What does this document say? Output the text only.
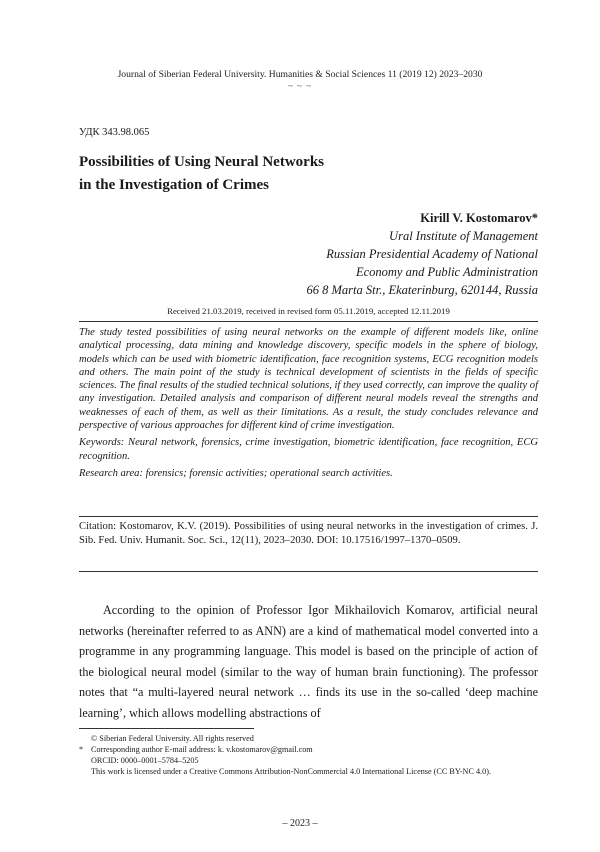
Journal of Siberian Federal University. Humanities & Social Sciences 11 (2019 12) 2023–2030
~ ~ ~
УДК 343.98.065
Possibilities of Using Neural Networks
in the Investigation of Crimes
Kirill V. Kostomarov*
Ural Institute of Management
Russian Presidential Academy of National
Economy and Public Administration
66 8 Marta Str., Ekaterinburg, 620144, Russia
Received 21.03.2019, received in revised form 05.11.2019, accepted 12.11.2019

The study tested possibilities of using neural networks on the example of different models like, online analytical processing, data mining and knowledge discovery, specific models in the sphere of biology, models which can be used with biometric identification, face recognition systems, ECG recognition models and others. The main point of the study is technical development of scientists in the fields of specific sciences. The final results of the studied technical solutions, if they used correctly, can improve the quality of any investigation. Detailed analysis and comparison of different neural models reveal the strengths and weaknesses of each of them, as well as their limitations. As a result, the study concludes relevance and perspective of various approaches for different kind of crime investigation.

Keywords: Neural network, forensics, crime investigation, biometric identification, face recognition, ECG recognition.

Research area: forensics; forensic activities; operational search activities.

Citation: Kostomarov, K.V. (2019). Possibilities of using neural networks in the investigation of crimes. J. Sib. Fed. Univ. Humanit. Soc. Sci., 12(11), 2023–2030. DOI: 10.17516/1997–1370–0509.
According to the opinion of Professor Igor Mikhailovich Komarov, artificial neural networks (hereinafter referred to as ANN) are a kind of mathematical model converted into a programme in any programming language. This model is based on the principle of action of the biological neural model (similar to the way of human brain functioning). The professor notes that “a multi-layered neural network … finds its use in the so-called ‘deep machine learning’, which allows modelling abstractions of
© Siberian Federal University. All rights reserved
* Corresponding author E-mail address: k. v.kostomarov@gmail.com
ORCID: 0000–0001–5784–5205
This work is licensed under a Creative Commons Attribution-NonCommercial 4.0 International License (CC BY-NC 4.0).
– 2023 –
